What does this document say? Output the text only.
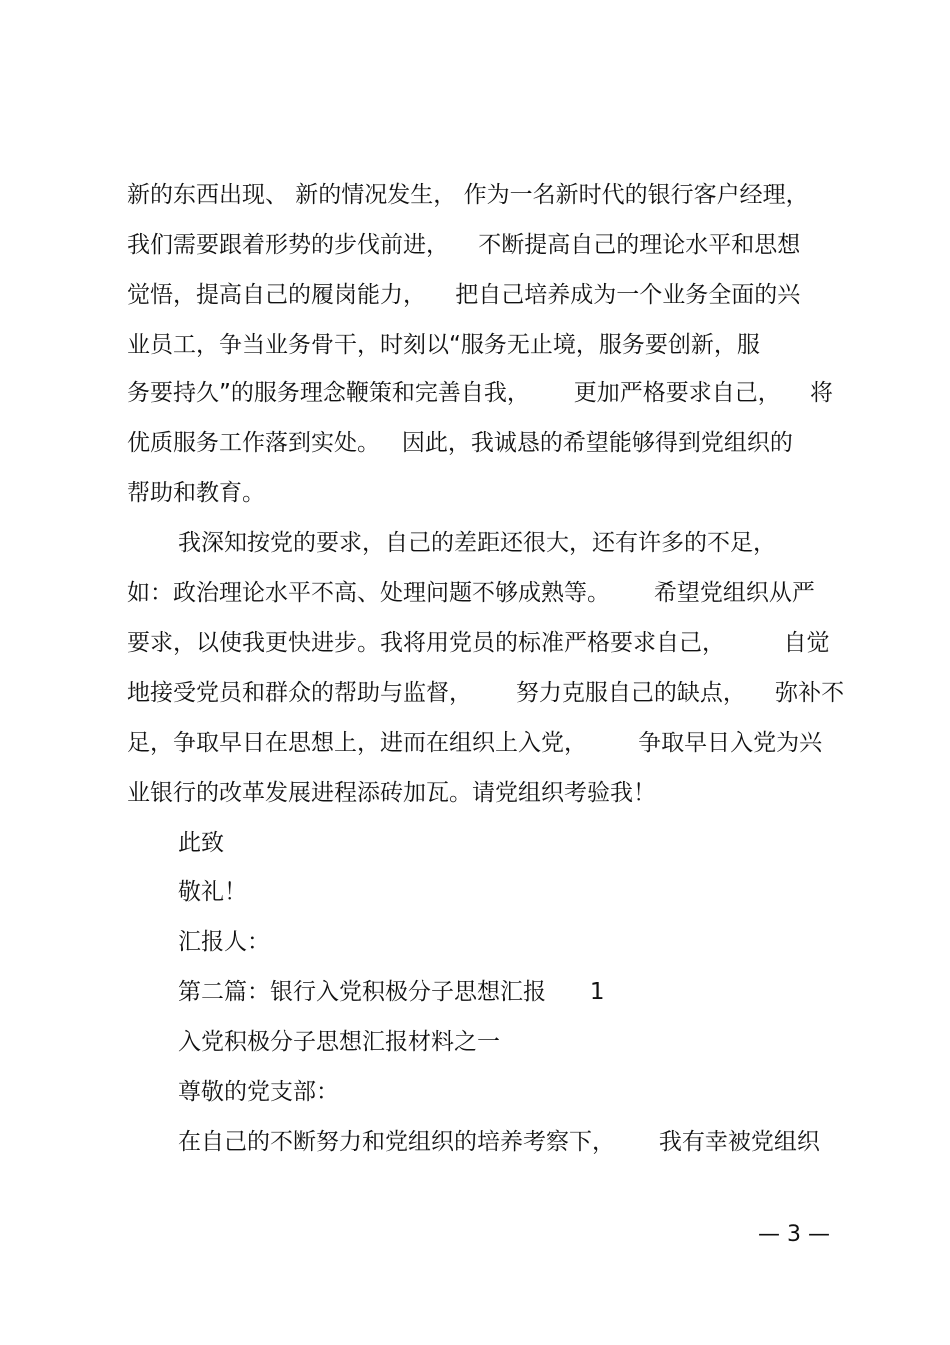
新的东西出现、 新的情况发生， 作为一名新时代的银行客户经理，
我们需要跟着形势的步伐前进，    不断提高自己的理论水平和思想
觉悟，提高自己的履岗能力，    把自己培养成为一个业务全面的兴
业员工，争当业务骨干，时刻以“服务无止境，服务要创新，服
务要持久”的服务理念鞭策和完善自我，      更加严格要求自己，    将
优质服务工作落到实处。   因此，我诚恳的希望能够得到党组织的
帮助和教育。
我深知按党的要求，自己的差距还很大，还有许多的不足，
如：政治理论水平不高、处理问题不够成熟等。      希望党组织从严
要求，以使我更快进步。我将用党员的标准严格要求自己，        自觉
地接受党员和群众的帮助与监督，      努力克服自己的缺点，    弥补不
足，争取早日在思想上，进而在组织上入党，       争取早日入党为兴
业银行的改革发展进程添砖加瓦。请党组织考验我！
此致
敬礼！
汇报人：
第二篇：银行入党积极分子思想汇报      1
入党积极分子思想汇报材料之一
尊敬的党支部：
在自己的不断努力和党组织的培养考察下，      我有幸被党组织
— 3 —
